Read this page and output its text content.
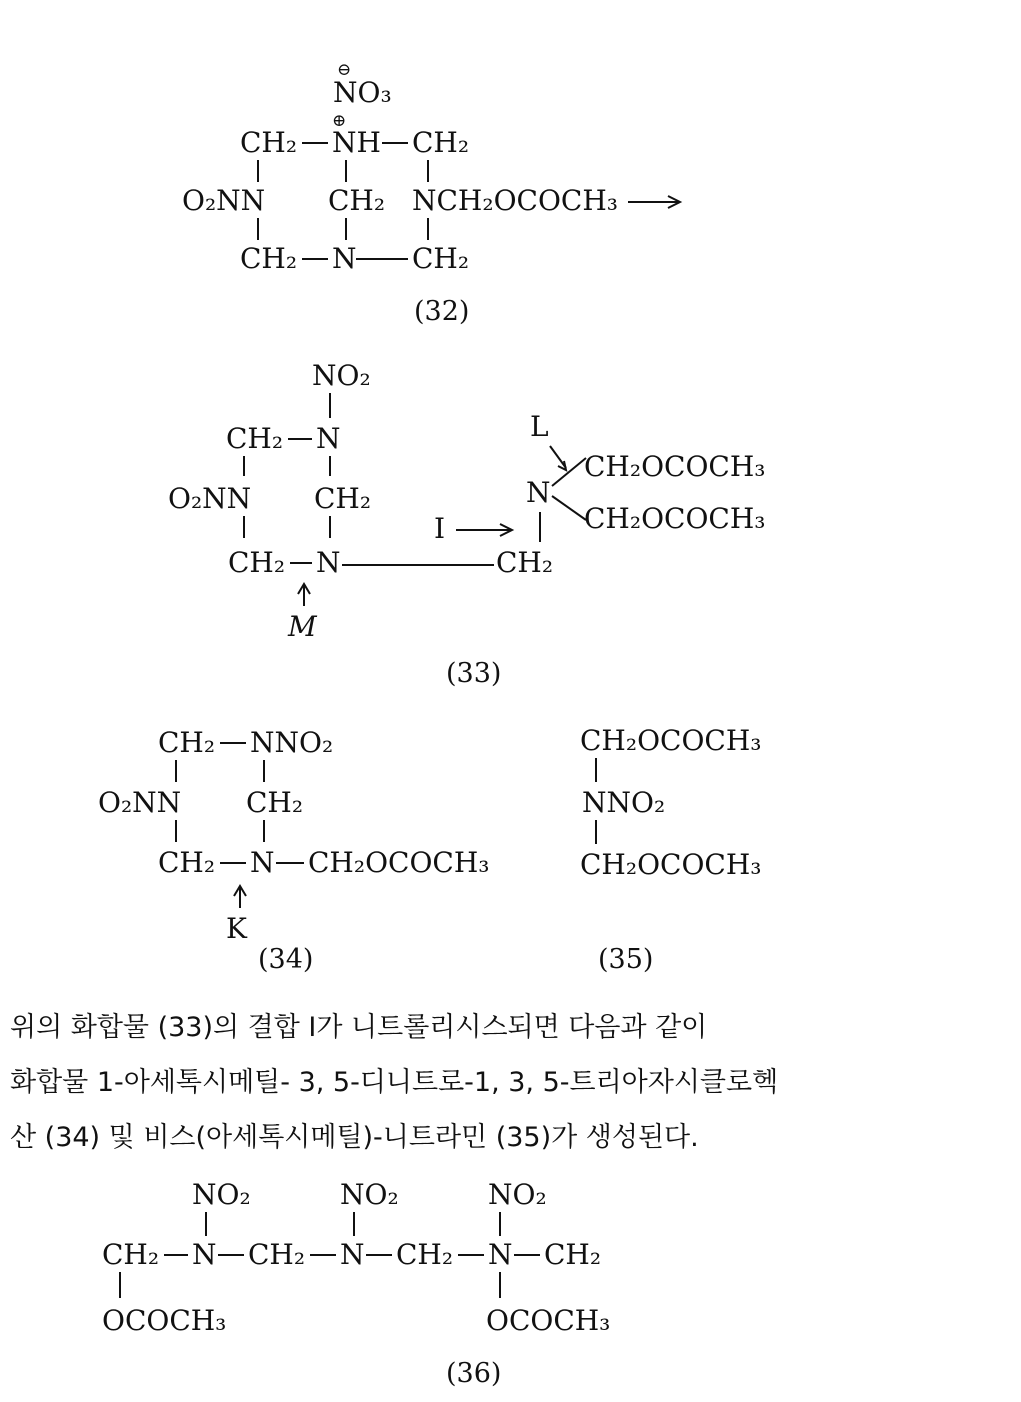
⊖
NO₃
⊕
CH₂ NH CH₂
O₂NN CH₂ NCH₂OCOCH₃
CH₂ N CH₂
(32)
NO₂
CH₂ N
O₂NN CH₂
CH₂ N	CH₂
I
N
L
CH₂OCOCH₃
CH₂OCOCH₃
M
(33)
CH₂ NNO₂
O₂NN CH₂
CH₂ N CH₂OCOCH₃
K
(34)
CH₂OCOCH₃
NNO₂
CH₂OCOCH₃
(35)
NO₂	NO₂	NO₂
CH₂ N CH₂ N CH₂ N CH₂
OCOCH₃	OCOCH₃
(36)
위의 화합물 (33)의 결합 I가 니트롤리시스되면 다음과 같이
화합물 1-아세톡시메틸- 3, 5-디니트로-1, 3, 5-트리아자시클로헥
산 (34) 및 비스(아세톡시메틸)-니트라민 (35)가 생성된다.
